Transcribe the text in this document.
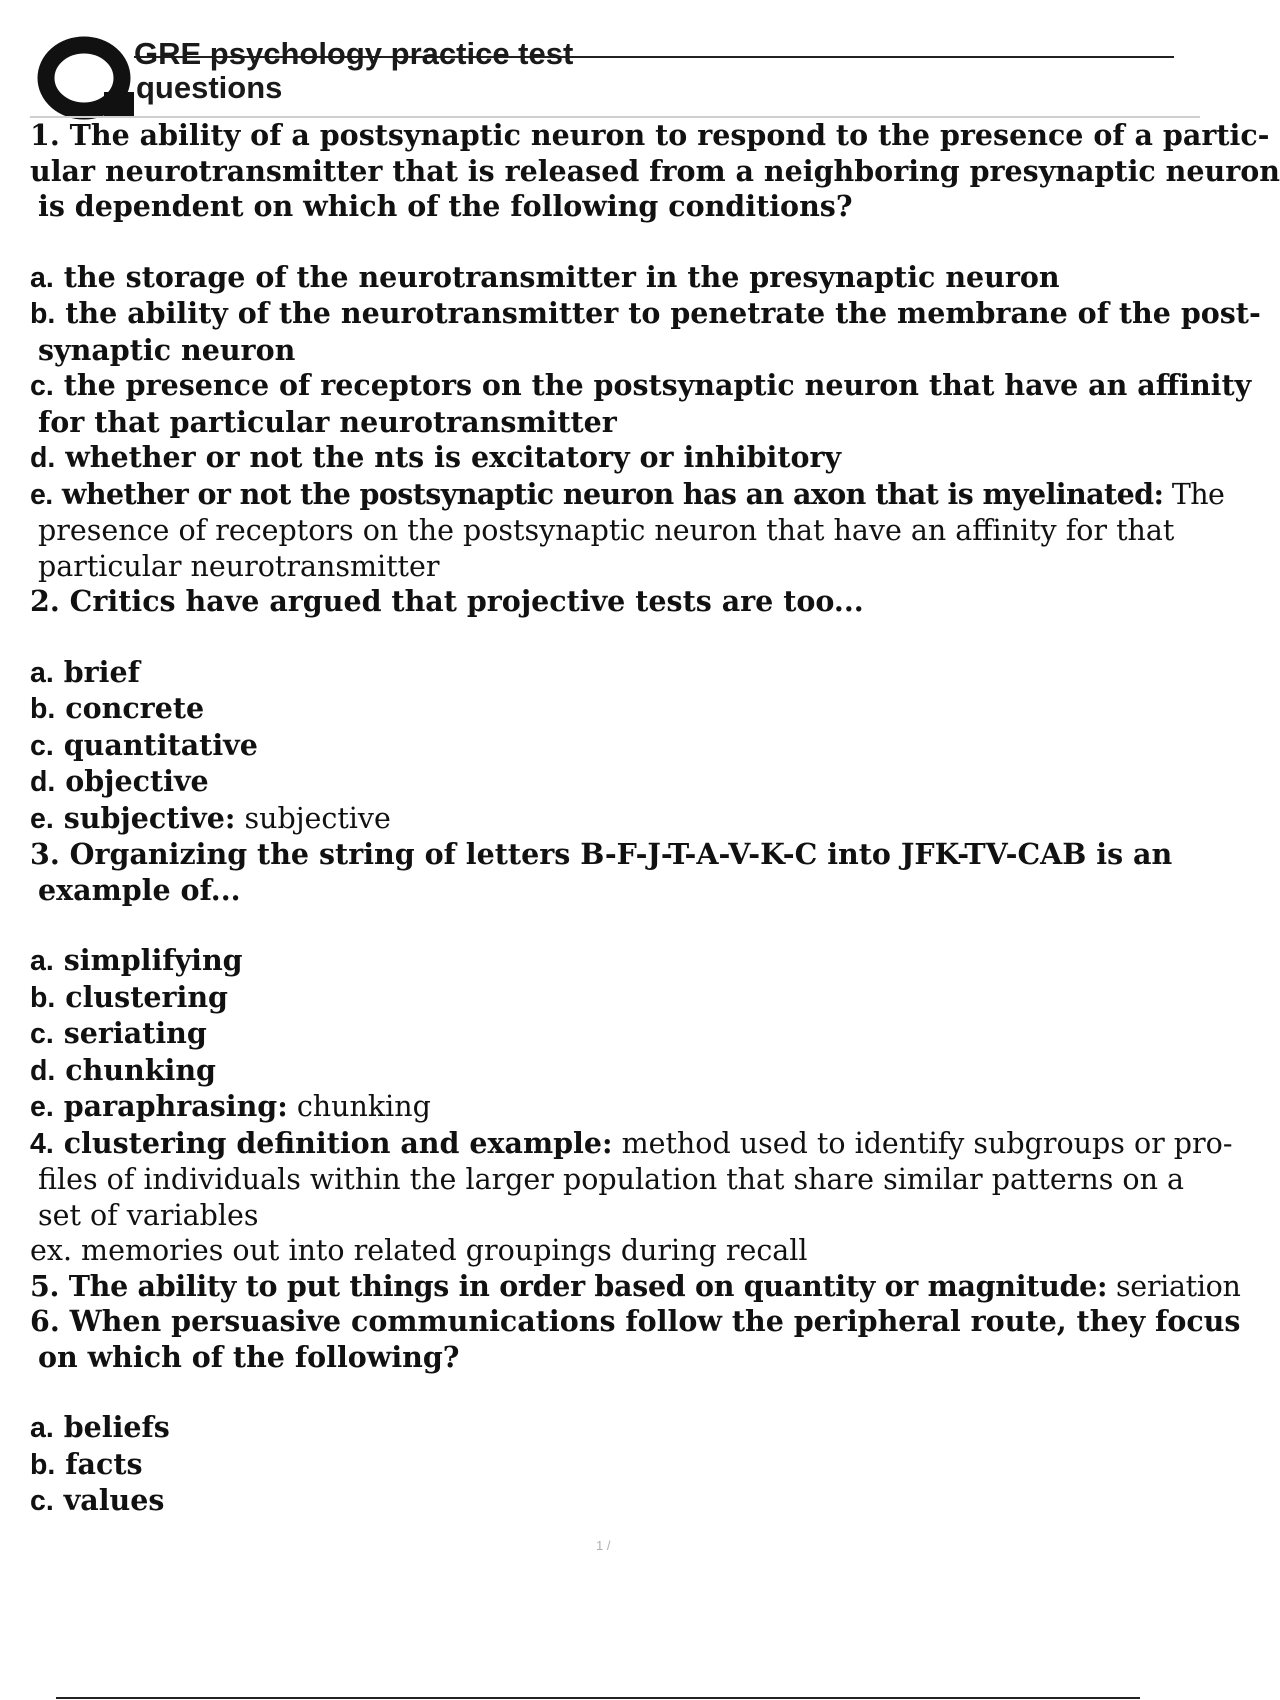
GRE psychology practice test
questions
1. The ability of a postsynaptic neuron to respond to the presence of a partic-
ular neurotransmitter that is released from a neighboring presynaptic neuron
is dependent on which of the following conditions?
a. the storage of the neurotransmitter in the presynaptic neuron
b. the ability of the neurotransmitter to penetrate the membrane of the post-
synaptic neuron
c. the presence of receptors on the postsynaptic neuron that have an affinity
for that particular neurotransmitter
d. whether or not the nts is excitatory or inhibitory
e. whether or not the postsynaptic neuron has an axon that is myelinated: The
presence of receptors on the postsynaptic neuron that have an affinity for that
particular neurotransmitter
2. Critics have argued that projective tests are too...
a. brief
b. concrete
c. quantitative
d. objective
e. subjective: subjective
3. Organizing the string of letters B-F-J-T-A-V-K-C into JFK-TV-CAB is an
example of...
a. simplifying
b. clustering
c. seriating
d. chunking
e. paraphrasing: chunking
4. clustering definition and example: method used to identify subgroups or pro-
files of individuals within the larger population that share similar patterns on a
set of variables
ex. memories out into related groupings during recall
5. The ability to put things in order based on quantity or magnitude: seriation
6. When persuasive communications follow the peripheral route, they focus
on which of the following?
a. beliefs
b. facts
c. values
1 /
